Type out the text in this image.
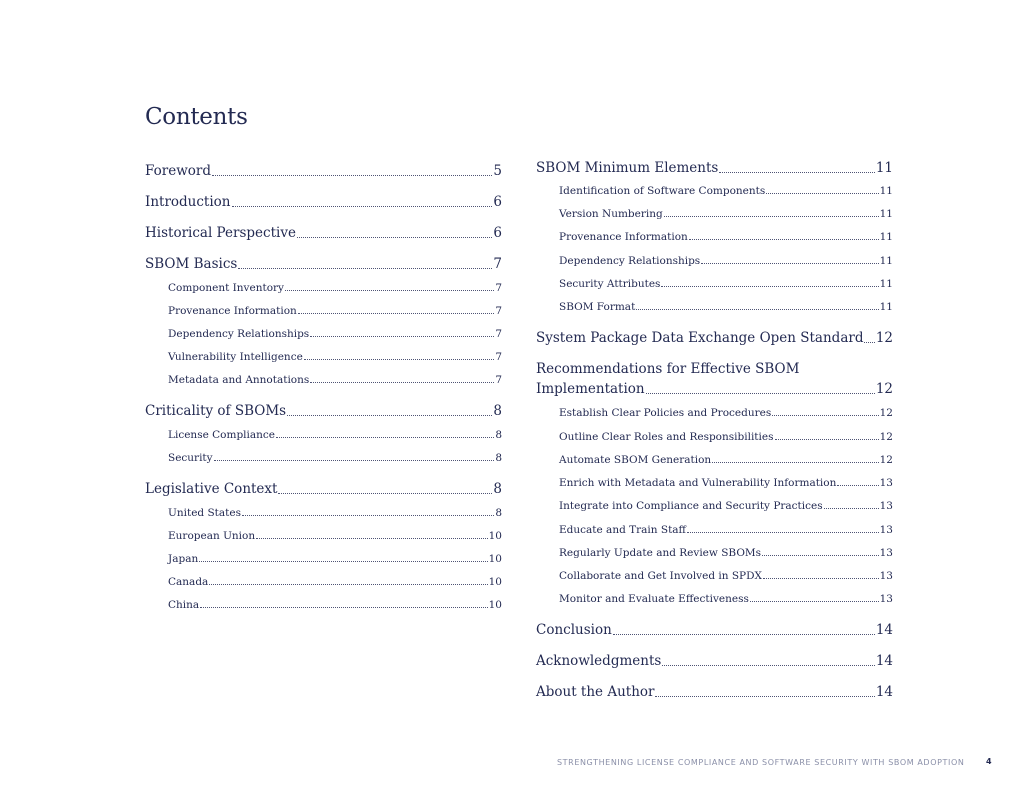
Contents
Foreword	5
Introduction	6
Historical Perspective	6
SBOM Basics	7
Component Inventory	7
Provenance Information	7
Dependency Relationships	7
Vulnerability Intelligence	7
Metadata and Annotations	7
Criticality of SBOMs	8
License Compliance	8
Security	8
Legislative Context	8
United States	8
European Union	10
Japan	10
Canada	10
China	10
SBOM Minimum Elements	11
Identification of Software Components	11
Version Numbering	11
Provenance Information	11
Dependency Relationships	11
Security Attributes	11
SBOM Format	11
System Package Data Exchange Open Standard 12
Recommendations for Effective SBOM
Implementation	12
Establish Clear Policies and Procedures	12
Outline Clear Roles and Responsibilities	12
Automate SBOM Generation	12
Enrich with Metadata and Vulnerability Information	13
Integrate into Compliance and Security Practices	13
Educate and Train Staff	13
Regularly Update and Review SBOMs	13
Collaborate and Get Involved in SPDX	13
Monitor and Evaluate Effectiveness	13
Conclusion	14
Acknowledgments	14
About the Author	14
STRENGTHENING LICENSE COMPLIANCE AND SOFTWARE SECURITY WITH SBOM ADOPTION	4
